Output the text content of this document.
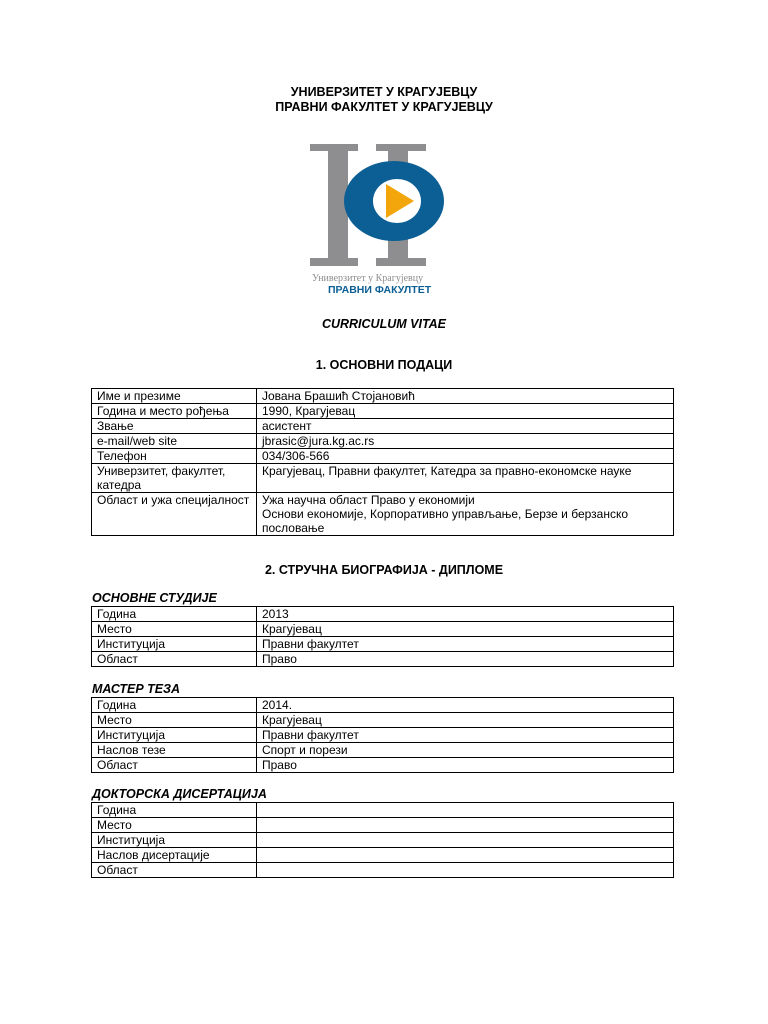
УНИВЕРЗИТЕТ У КРАГУЈЕВЦУ
ПРАВНИ ФАКУЛТЕТ У КРАГУЈЕВЦУ
Универзитет у Крагујевцу
ПРАВНИ ФАКУЛТЕТ
CURRICULUM VITAE
1. ОСНОВНИ ПОДАЦИ
Име и презиме	Јована Брашић Стојановић
Година и место рођења	1990, Крагујевац
Звање	асистент
e-mail/web site	jbrasic@jura.kg.ac.rs
Телефон	034/306-566
Универзитет, факултет, катедра	Крагујевац, Правни факултет, Катедра за правно-економске науке
Област и ужа специјалност	Ужа научна област Право у економији
Основи економије, Корпоративно управљање, Берзе и берзанско пословање
2. СТРУЧНА БИОГРАФИЈА - ДИПЛОМЕ
ОСНОВНЕ СТУДИЈЕ
Година	2013
Место	Крагујевац
Институција	Правни факултет
Област	Право
МАСТЕР ТЕЗА
Година	2014.
Место	Крагујевац
Институција	Правни факултет
Наслов тезе	Спорт и порези
Област	Право
ДОКТОРСКА ДИСЕРТАЦИЈА
Година	
Место	
Институција	
Наслов дисертације	
Област	
